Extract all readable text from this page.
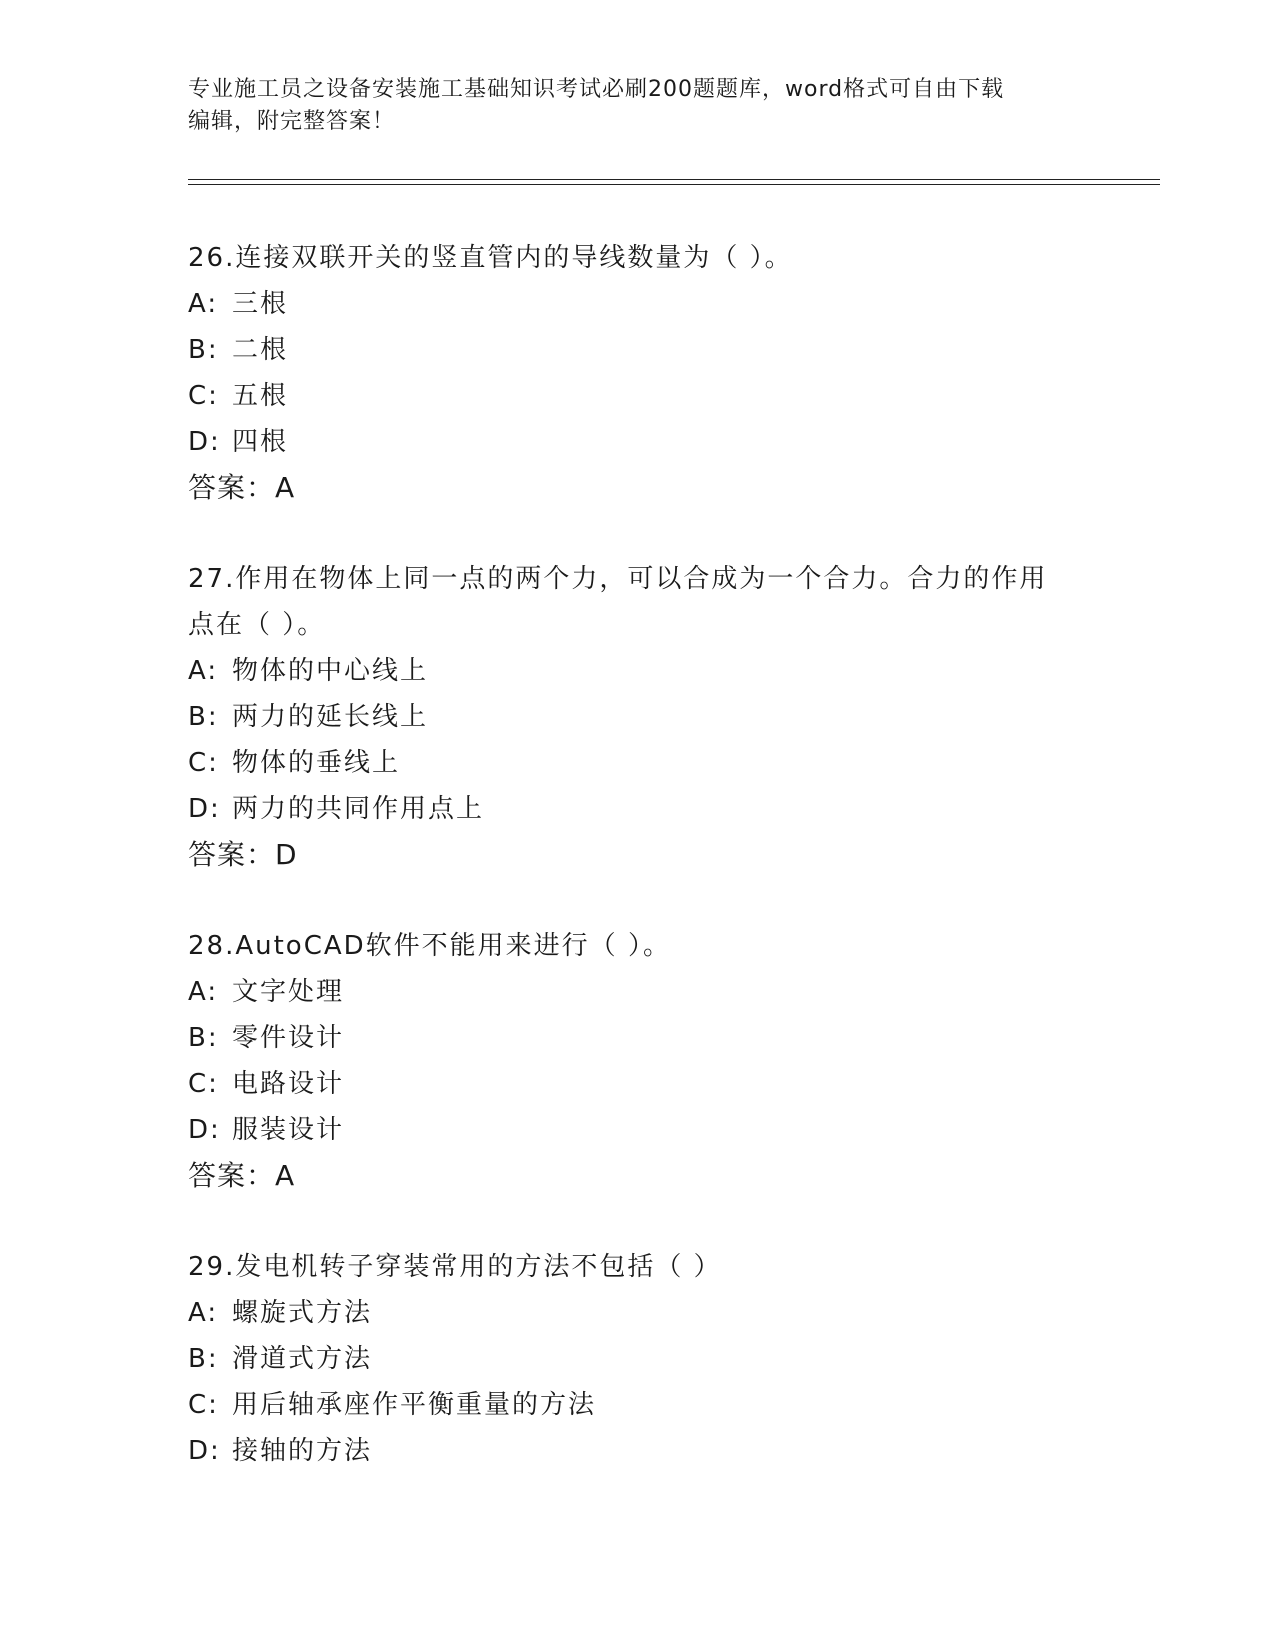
专业施工员之设备安装施工基础知识考试必刷200题题库，word格式可自由下载
编辑，附完整答案！
26.连接双联开关的竖直管内的导线数量为（ ）。
A: 三根
B: 二根
C: 五根
D: 四根
答案：A
27.作用在物体上同一点的两个力，可以合成为一个合力。合力的作用
点在（ ）。
A: 物体的中心线上
B: 两力的延长线上
C: 物体的垂线上
D: 两力的共同作用点上
答案：D
28.AutoCAD软件不能用来进行（ ）。
A: 文字处理
B: 零件设计
C: 电路设计
D: 服装设计
答案：A
29.发电机转子穿装常用的方法不包括（ ）
A: 螺旋式方法
B: 滑道式方法
C: 用后轴承座作平衡重量的方法
D: 接轴的方法
